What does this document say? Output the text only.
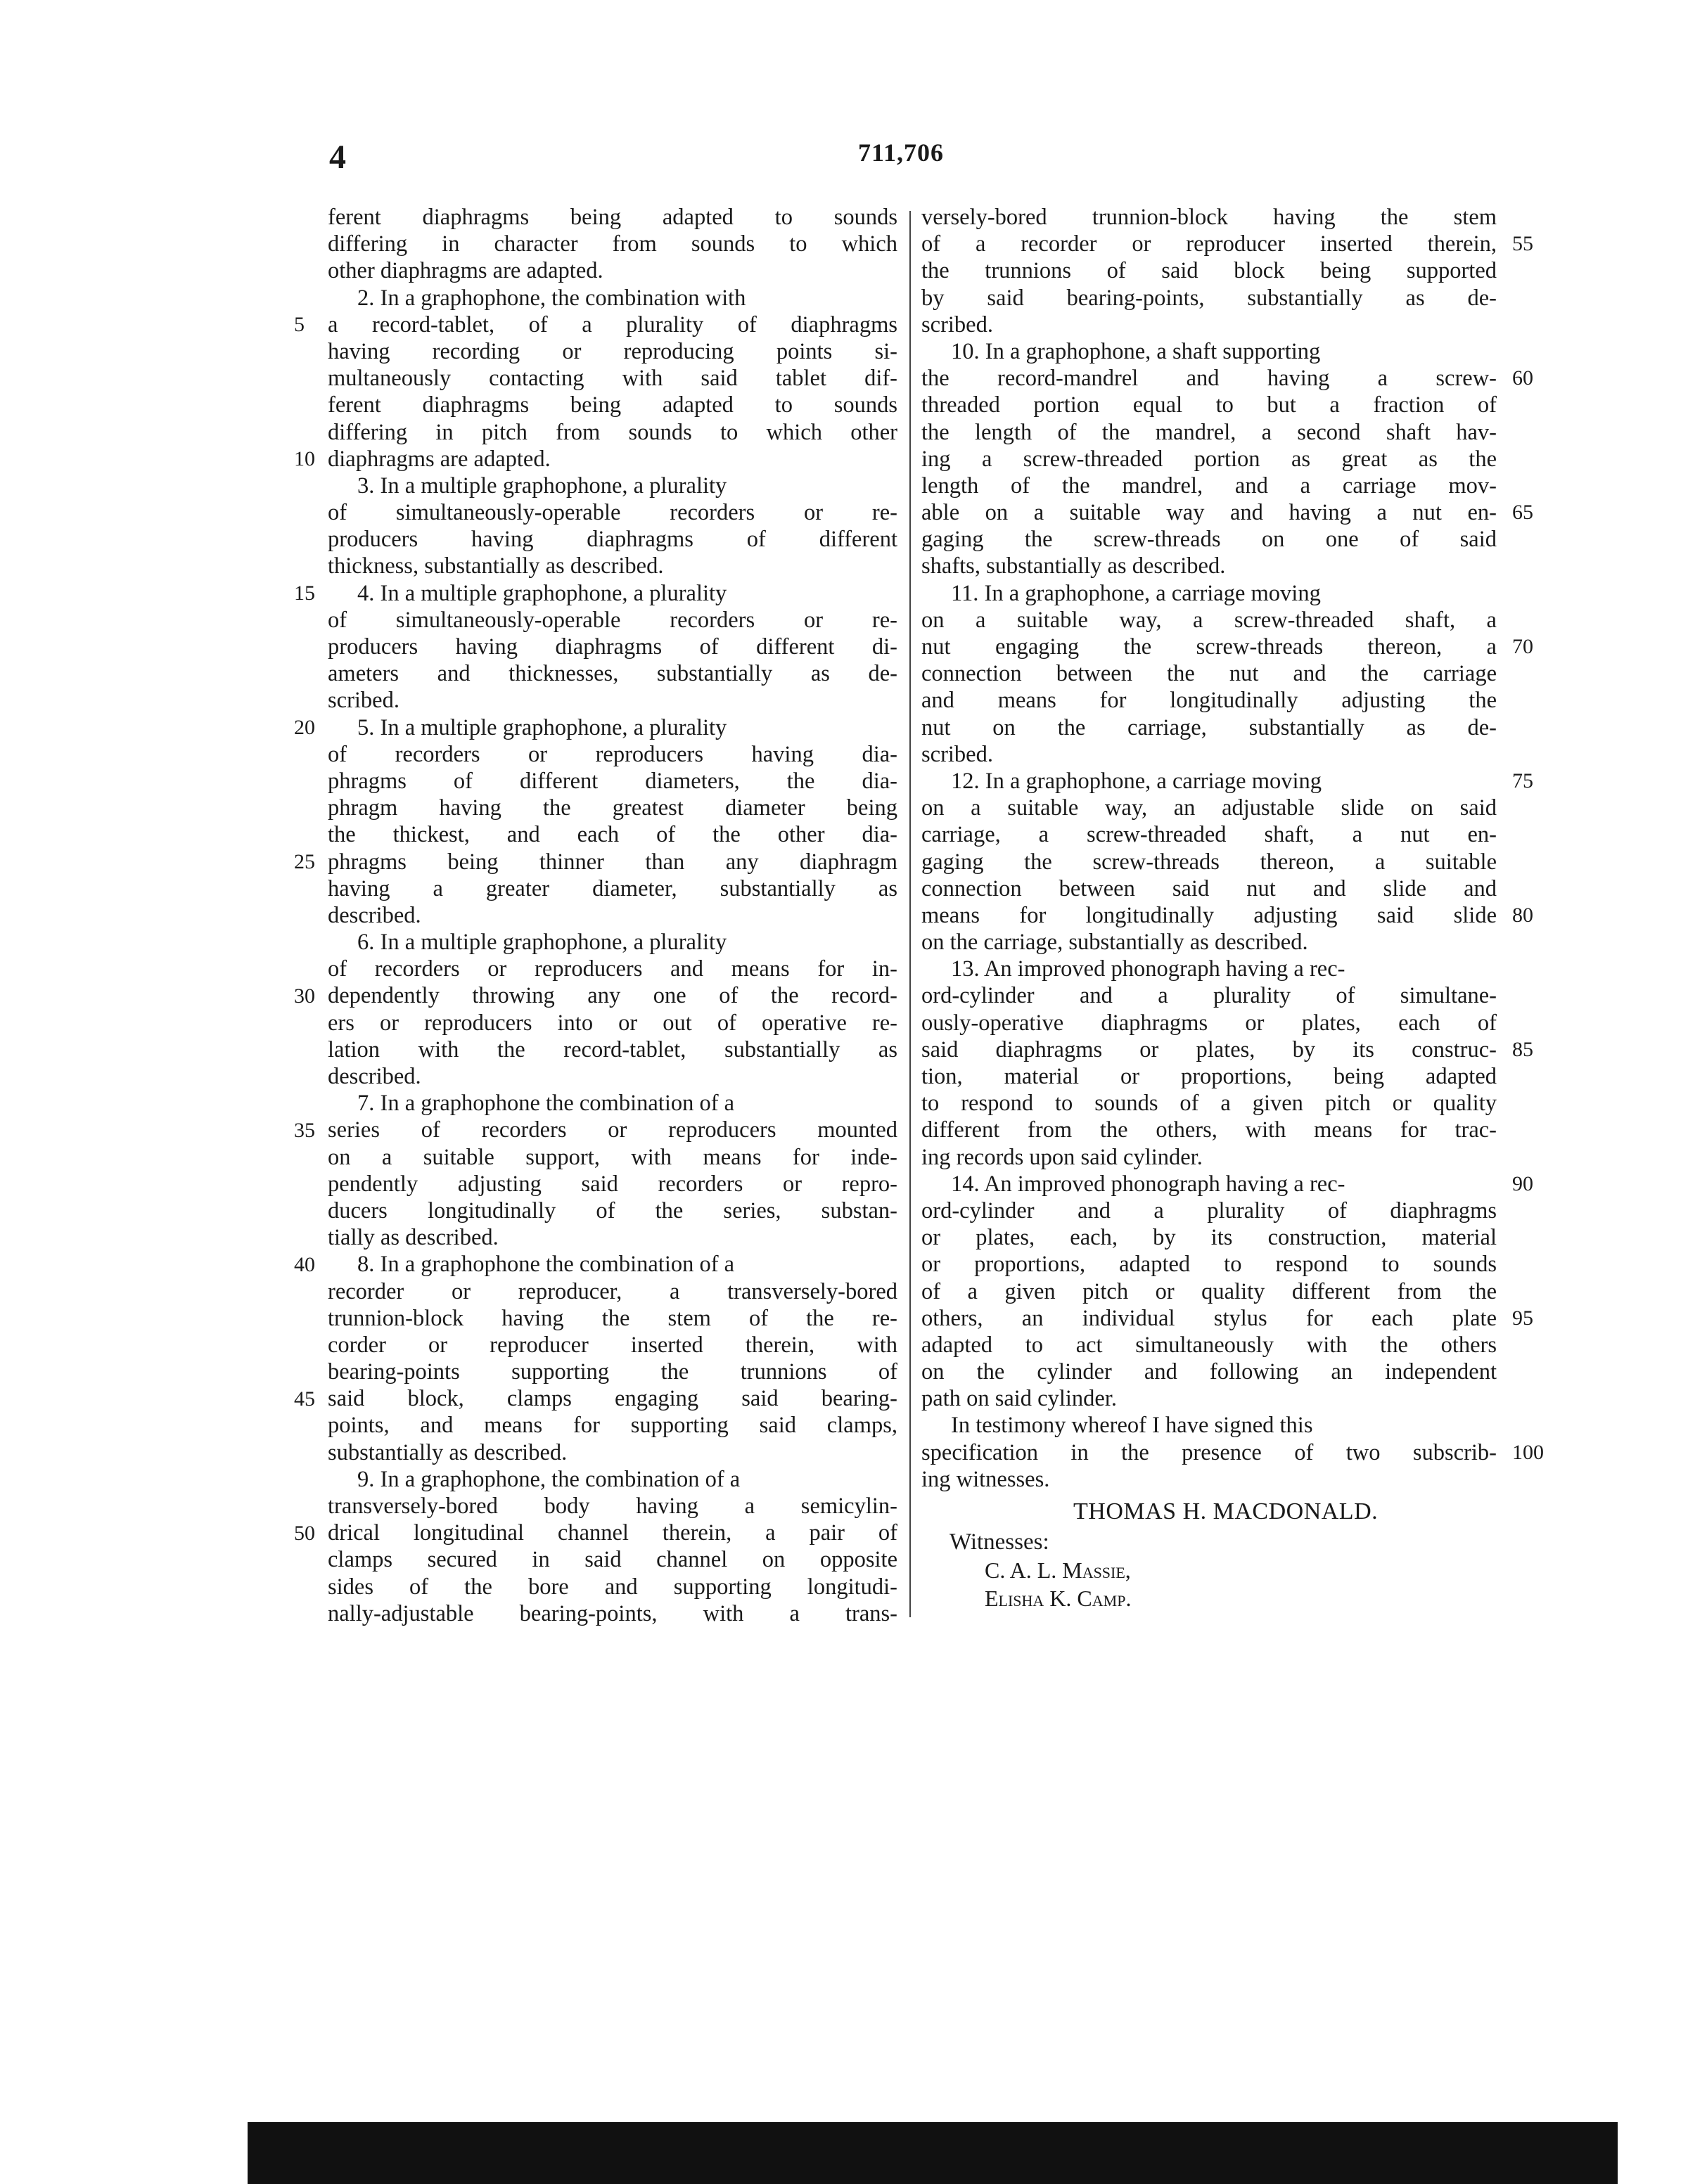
4	711,706
ferent diaphragms being adapted to sounds
differing in character from sounds to which
other diaphragms are adapted.
2. In a graphophone, the combination with
a record-tablet, of a plurality of diaphragms
having recording or reproducing points si-
multaneously contacting with said tablet dif-
ferent diaphragms being adapted to sounds
differing in pitch from sounds to which other
diaphragms are adapted.
3. In a multiple graphophone, a plurality
of simultaneously-operable recorders or re-
producers having diaphragms of different
thickness, substantially as described.
4. In a multiple graphophone, a plurality
of simultaneously-operable recorders or re-
producers having diaphragms of different di-
ameters and thicknesses, substantially as de-
scribed.
5. In a multiple graphophone, a plurality
of recorders or reproducers having dia-
phragms of different diameters, the dia-
phragm having the greatest diameter being
the thickest, and each of the other dia-
phragms being thinner than any diaphragm
having a greater diameter, substantially as
described.
6. In a multiple graphophone, a plurality
of recorders or reproducers and means for in-
dependently throwing any one of the record-
ers or reproducers into or out of operative re-
lation with the record-tablet, substantially as
described.
7. In a graphophone the combination of a
series of recorders or reproducers mounted
on a suitable support, with means for inde-
pendently adjusting said recorders or repro-
ducers longitudinally of the series, substan-
tially as described.
8. In a graphophone the combination of a
recorder or reproducer, a transversely-bored
trunnion-block having the stem of the re-
corder or reproducer inserted therein, with
bearing-points supporting the trunnions of
said block, clamps engaging said bearing-
points, and means for supporting said clamps,
substantially as described.
9. In a graphophone, the combination of a
transversely-bored body having a semicylin-
drical longitudinal channel therein, a pair of
clamps secured in said channel on opposite
sides of the bore and supporting longitudi-
nally-adjustable bearing-points, with a trans-
versely-bored trunnion-block having the stem
of a recorder or reproducer inserted therein,
the trunnions of said block being supported
by said bearing-points, substantially as de-
scribed.
10. In a graphophone, a shaft supporting
the record-mandrel and having a screw-
threaded portion equal to but a fraction of
the length of the mandrel, a second shaft hav-
ing a screw-threaded portion as great as the
length of the mandrel, and a carriage mov-
able on a suitable way and having a nut en-
gaging the screw-threads on one of said
shafts, substantially as described.
11. In a graphophone, a carriage moving
on a suitable way, a screw-threaded shaft, a
nut engaging the screw-threads thereon, a
connection between the nut and the carriage
and means for longitudinally adjusting the
nut on the carriage, substantially as de-
scribed.
12. In a graphophone, a carriage moving
on a suitable way, an adjustable slide on said
carriage, a screw-threaded shaft, a nut en-
gaging the screw-threads thereon, a suitable
connection between said nut and slide and
means for longitudinally adjusting said slide
on the carriage, substantially as described.
13. An improved phonograph having a rec-
ord-cylinder and a plurality of simultane-
ously-operative diaphragms or plates, each of
said diaphragms or plates, by its construc-
tion, material or proportions, being adapted
to respond to sounds of a given pitch or quality
different from the others, with means for trac-
ing records upon said cylinder.
14. An improved phonograph having a rec-
ord-cylinder and a plurality of diaphragms
or plates, each, by its construction, material
or proportions, adapted to respond to sounds
of a given pitch or quality different from the
others, an individual stylus for each plate
adapted to act simultaneously with the others
on the cylinder and following an independent
path on said cylinder.
In testimony whereof I have signed this
specification in the presence of two subscrib-
ing witnesses.
THOMAS H. MACDONALD.
Witnesses:
C. A. L. Massie,
Elisha K. Camp.
5
10
15
20
25
30
35
40
45
50
55
60
65
70
75
80
85
90
95
100
